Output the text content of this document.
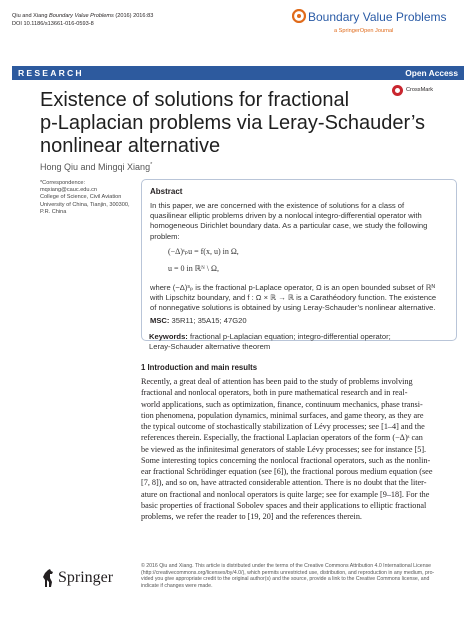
Qiu and Xiang Boundary Value Problems (2016) 2016:83
DOI 10.1186/s13661-016-0593-8	Boundary Value Problems
a SpringerOpen Journal
RESEARCH	Open Access
CrossMark
Existence of solutions for fractional
p-Laplacian problems via Leray-Schauder’s
nonlinear alternative
Hong Qiu and Mingqi Xiang*
*Correspondence:
mqxiang@cauc.edu.cn
College of Science, Civil Aviation
University of China, Tianjin, 300300,
P.R. China
Abstract
In this paper, we are concerned with the existence of solutions for a class of
quasilinear elliptic problems driven by a nonlocal integro-differential operator with
homogeneous Dirichlet boundary data. As a particular case, we study the following
problem:
(−Δ)ˢₚu = f(x, u) in Ω,
u = 0 in ℝᴺ \ Ω,
where (−Δ)ˢₚ is the fractional p-Laplace operator, Ω is an open bounded subset of ℝᴺ
with Lipschitz boundary, and f : Ω × ℝ → ℝ is a Carathéodory function. The existence
of nonnegative solutions is obtained by using Leray-Schauder’s nonlinear alternative.
MSC: 35R11; 35A15; 47G20
Keywords: fractional p-Laplacian equation; integro-differential operator;
Leray-Schauder alternative theorem
1 Introduction and main results
Recently, a great deal of attention has been paid to the study of problems involving
fractional and nonlocal operators, both in pure mathematical research and in real-
world applications, such as optimization, finance, continuum mechanics, phase transi-
tion phenomena, population dynamics, minimal surfaces, and game theory, as they are
the typical outcome of stochastically stabilization of Lévy processes; see [1–4] and the
references therein. Especially, the fractional Laplacian operators of the form (−Δ)ˢ can
be viewed as the infinitesimal generators of stable Lévy processes; see for instance [5].
Some interesting topics concerning the nonlocal fractional operators, such as the nonlin-
ear fractional Schrödinger equation (see [6]), the fractional porous medium equation (see
[7, 8]), and so on, have attracted considerable attention. There is no doubt that the liter-
ature on fractional and nonlocal operators is quite large; see for example [9–18]. For the
basic properties of fractional Sobolev spaces and their applications to elliptic fractional
problems, we refer the reader to [19, 20] and the references therein.
Springer
© 2016 Qiu and Xiang. This article is distributed under the terms of the Creative Commons Attribution 4.0 International License
(http://creativecommons.org/licenses/by/4.0/), which permits unrestricted use, distribution, and reproduction in any medium, pro-
vided you give appropriate credit to the original author(s) and the source, provide a link to the Creative Commons license, and
indicate if changes were made.
